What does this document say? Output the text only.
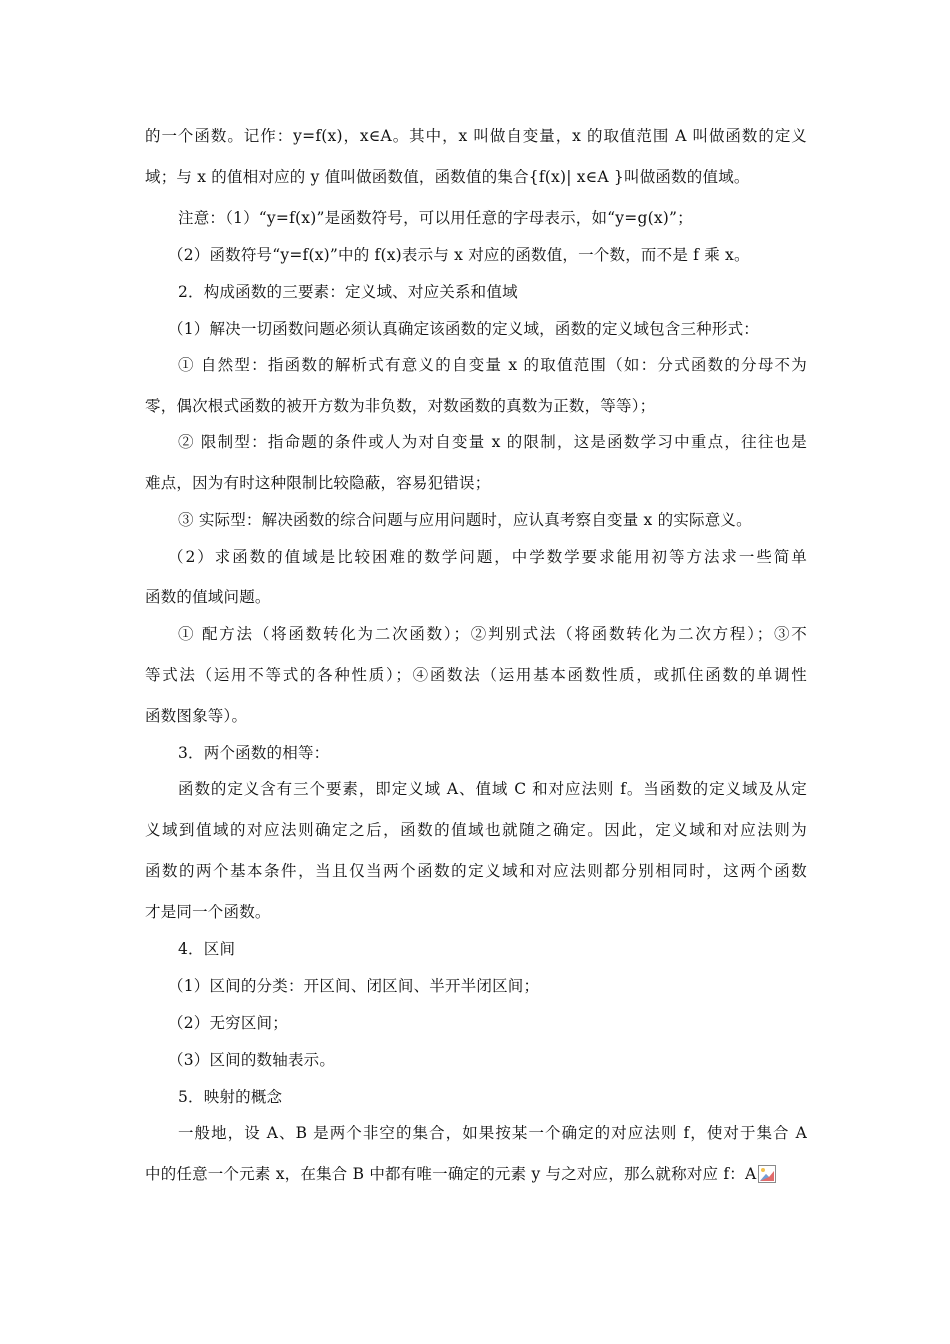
的一个函数。记作：y=f(x)，x∈A。其中，x 叫做自变量，x 的取值范围 A 叫做函数的定义
域；与 x 的值相对应的 y 值叫做函数值，函数值的集合{f(x)| x∈A }叫做函数的值域。
注意：（1）“y=f(x)”是函数符号，可以用任意的字母表示，如“y=g(x)”；
（2）函数符号“y=f(x)”中的 f(x)表示与 x 对应的函数值，一个数，而不是 f 乘 x。
2．构成函数的三要素：定义域、对应关系和值域
（1）解决一切函数问题必须认真确定该函数的定义域，函数的定义域包含三种形式：
① 自然型：指函数的解析式有意义的自变量 x 的取值范围（如：分式函数的分母不为
零，偶次根式函数的被开方数为非负数，对数函数的真数为正数，等等）；
② 限制型：指命题的条件或人为对自变量 x 的限制，这是函数学习中重点，往往也是
难点，因为有时这种限制比较隐蔽，容易犯错误；
③ 实际型：解决函数的综合问题与应用问题时，应认真考察自变量 x 的实际意义。
（2）求函数的值域是比较困难的数学问题，中学数学要求能用初等方法求一些简单
函数的值域问题。
① 配方法（将函数转化为二次函数）；②判别式法（将函数转化为二次方程）；③不
等式法（运用不等式的各种性质）；④函数法（运用基本函数性质，或抓住函数的单调性
函数图象等）。
3．两个函数的相等：
函数的定义含有三个要素，即定义域 A、值域 C 和对应法则 f。当函数的定义域及从定
义域到值域的对应法则确定之后，函数的值域也就随之确定。因此，定义域和对应法则为
函数的两个基本条件，当且仅当两个函数的定义域和对应法则都分别相同时，这两个函数
才是同一个函数。
4．区间
（1）区间的分类：开区间、闭区间、半开半闭区间；
（2）无穷区间；
（3）区间的数轴表示。
5．映射的概念
一般地，设 A、B 是两个非空的集合，如果按某一个确定的对应法则 f，使对于集合 A
中的任意一个元素 x，在集合 B 中都有唯一确定的元素 y 与之对应，那么就称对应 f：A
